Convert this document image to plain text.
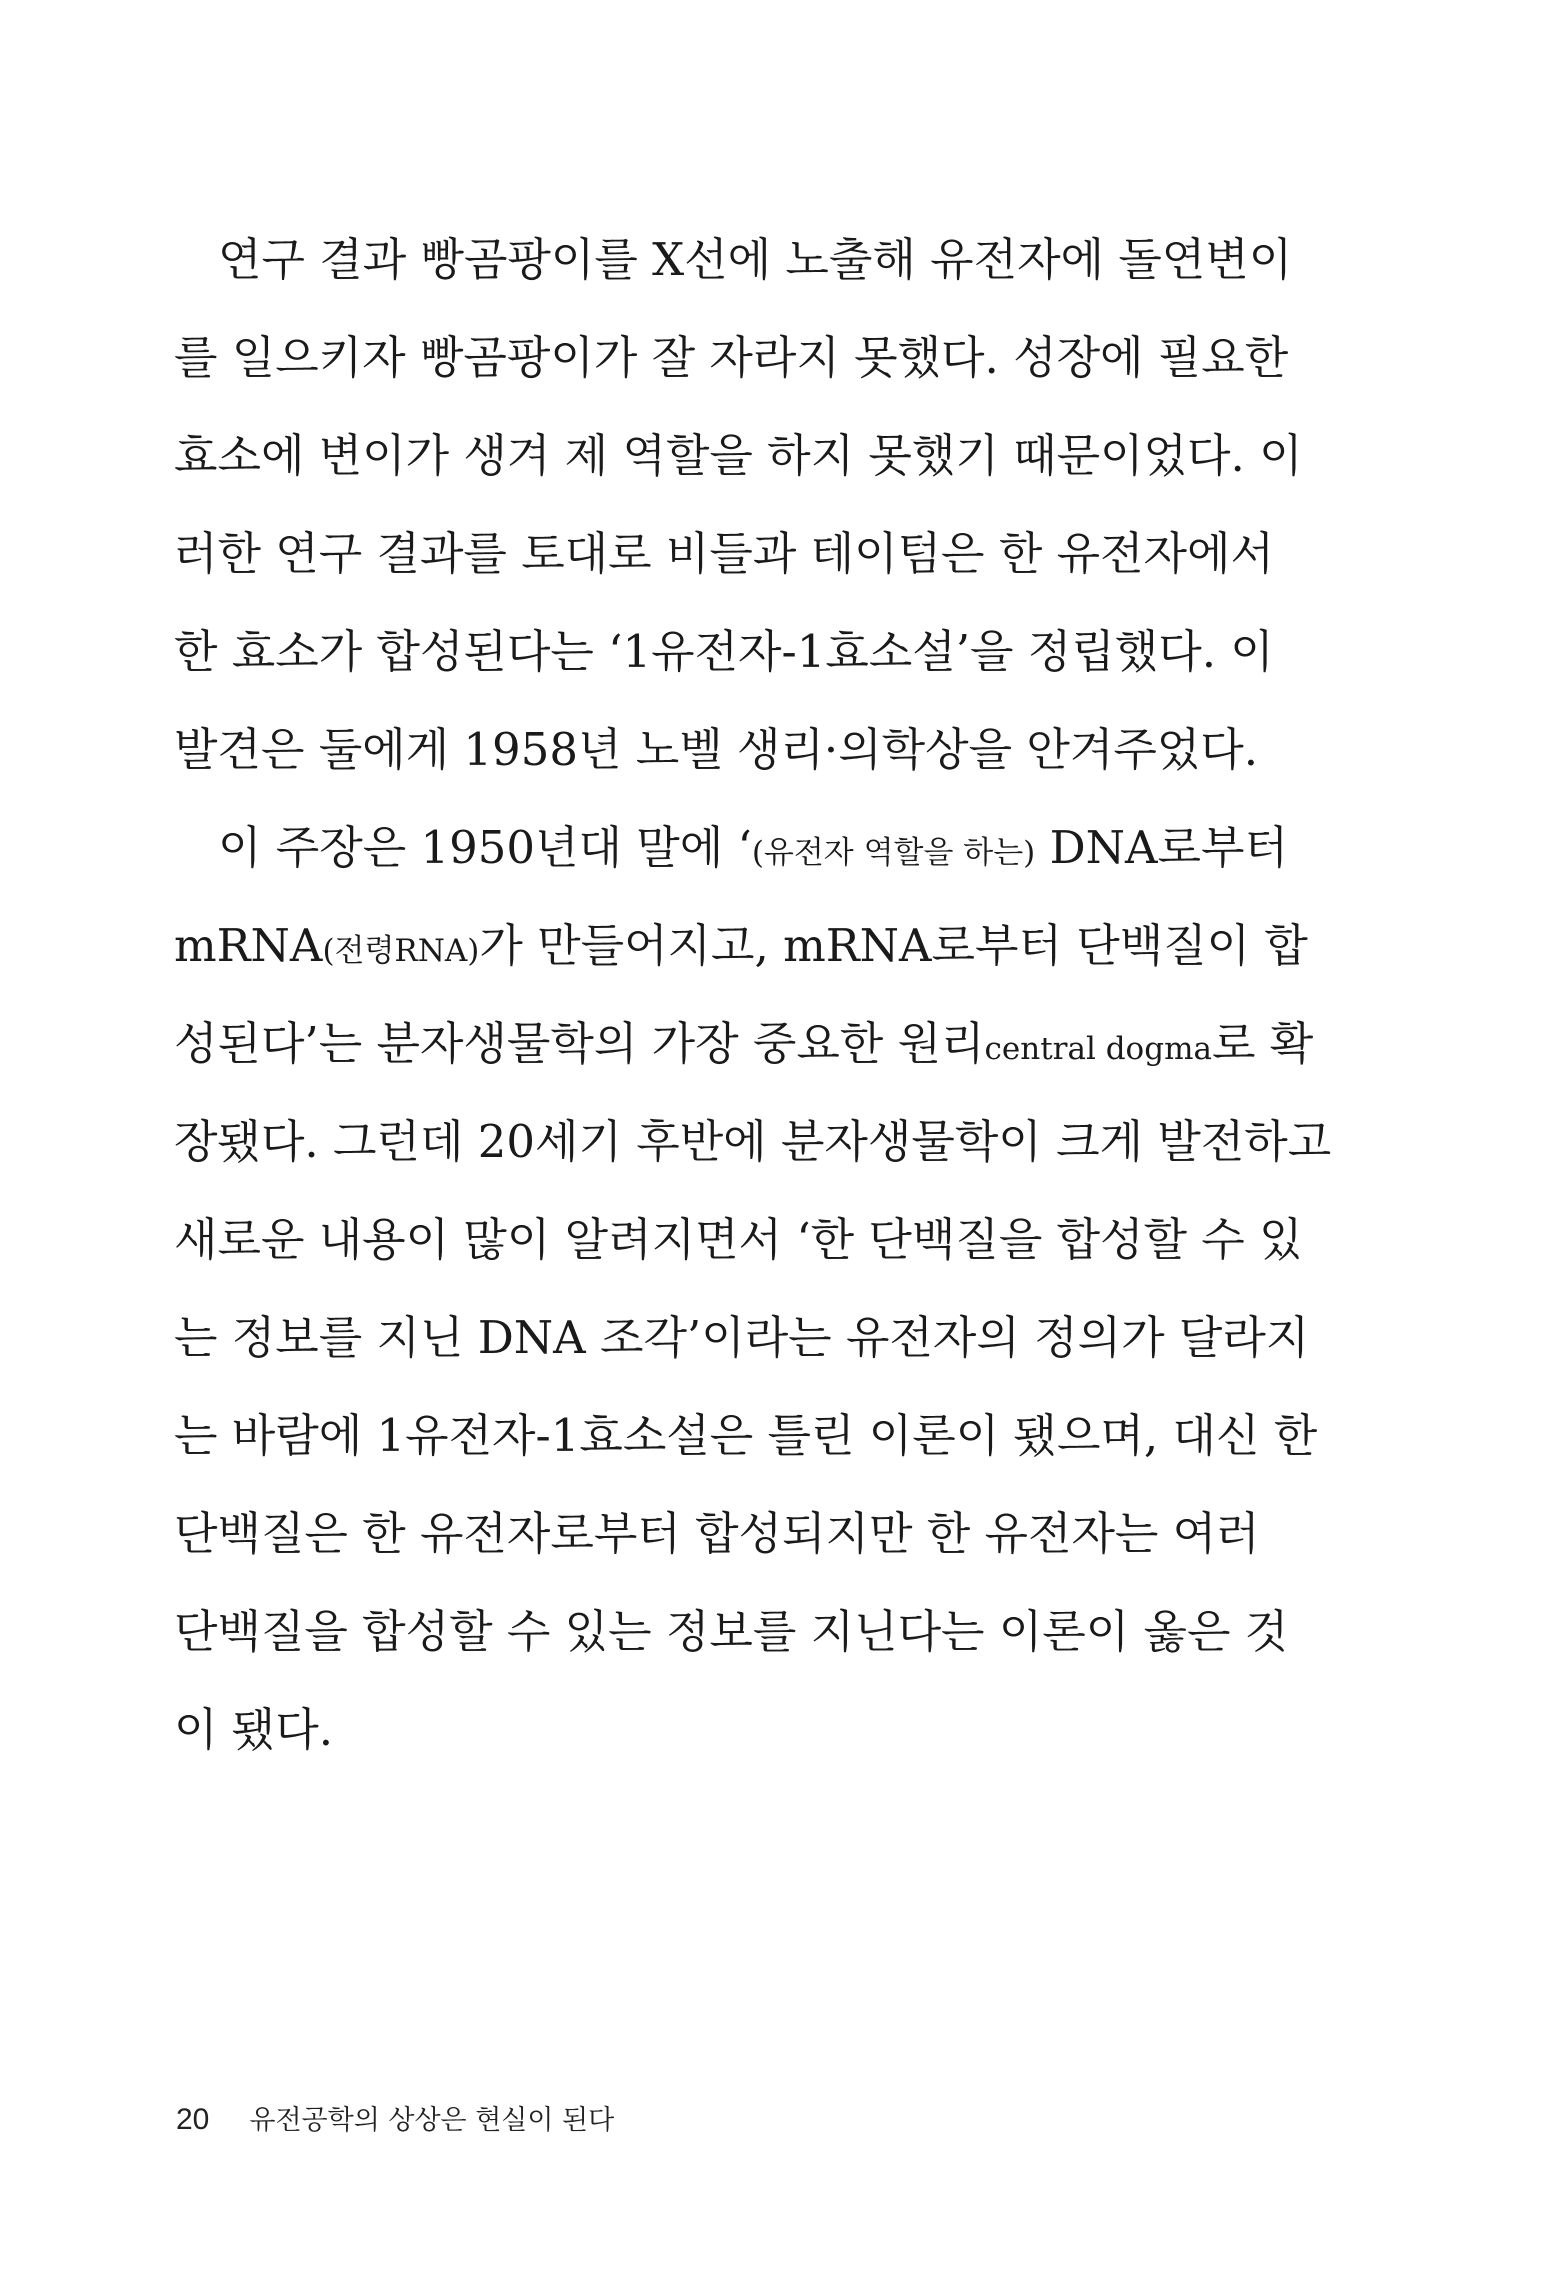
연구 결과 빵곰팡이를 X선에 노출해 유전자에 돌연변이
를 일으키자 빵곰팡이가 잘 자라지 못했다. 성장에 필요한
효소에 변이가 생겨 제 역할을 하지 못했기 때문이었다. 이
러한 연구 결과를 토대로 비들과 테이텀은 한 유전자에서
한 효소가 합성된다는 ‘1유전자-1효소설’을 정립했다. 이
발견은 둘에게 1958년 노벨 생리·의학상을 안겨주었다.
이 주장은 1950년대 말에 ‘(유전자 역할을 하는) DNA로부터
mRNA(전령RNA)가 만들어지고, mRNA로부터 단백질이 합
성된다’는 분자생물학의 가장 중요한 원리central dogma로 확
장됐다. 그런데 20세기 후반에 분자생물학이 크게 발전하고
새로운 내용이 많이 알려지면서 ‘한 단백질을 합성할 수 있
는 정보를 지닌 DNA 조각’이라는 유전자의 정의가 달라지
는 바람에 1유전자-1효소설은 틀린 이론이 됐으며, 대신 한
단백질은 한 유전자로부터 합성되지만 한 유전자는 여러
단백질을 합성할 수 있는 정보를 지닌다는 이론이 옳은 것
이 됐다.
20 유전공학의 상상은 현실이 된다
